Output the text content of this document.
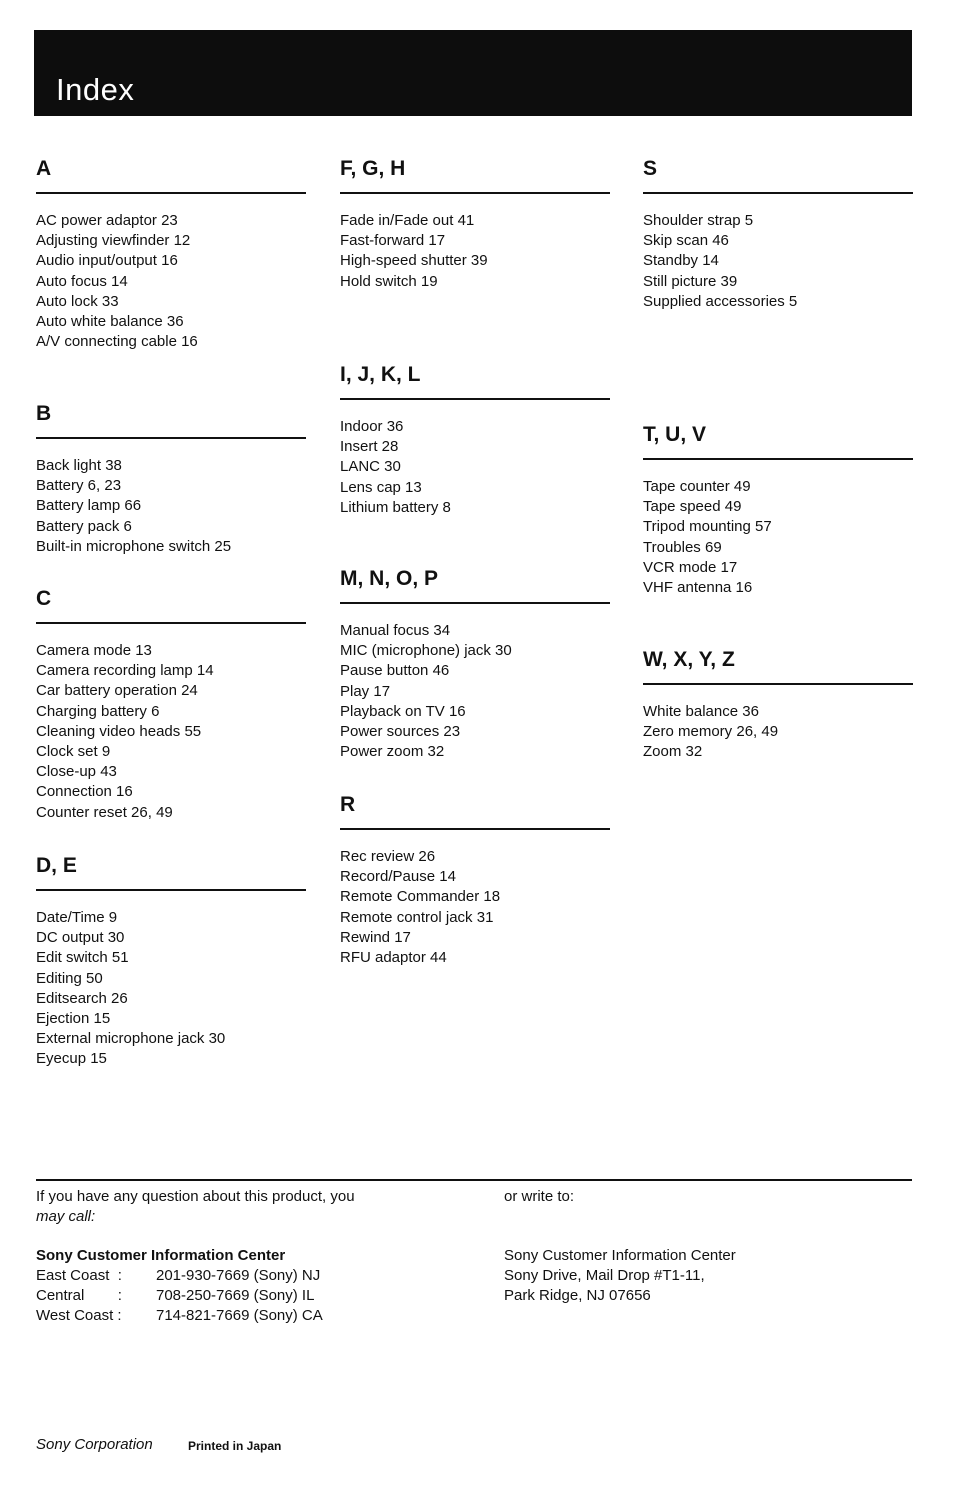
Index
A
AC power adaptor 23
Adjusting viewfinder 12
Audio input/output 16
Auto focus 14
Auto lock 33
Auto white balance 36
A/V connecting cable 16
B
Back light 38
Battery 6, 23
Battery lamp 66
Battery pack 6
Built-in microphone switch 25
C
Camera mode 13
Camera recording lamp 14
Car battery operation 24
Charging battery 6
Cleaning video heads 55
Clock set 9
Close-up 43
Connection 16
Counter reset 26, 49
D, E
Date/Time 9
DC output 30
Edit switch 51
Editing 50
Editsearch 26
Ejection 15
External microphone jack 30
Eyecup 15
F, G, H
Fade in/Fade out 41
Fast-forward 17
High-speed shutter 39
Hold switch 19
I, J, K, L
Indoor 36
Insert 28
LANC 30
Lens cap 13
Lithium battery 8
M, N, O, P
Manual focus 34
MIC (microphone) jack 30
Pause button 46
Play 17
Playback on TV 16
Power sources 23
Power zoom 32
R
Rec review 26
Record/Pause 14
Remote Commander 18
Remote control jack 31
Rewind 17
RFU adaptor 44
S
Shoulder strap 5
Skip scan 46
Standby 14
Still picture 39
Supplied accessories 5
T, U, V
Tape counter 49
Tape speed 49
Tripod mounting 57
Troubles 69
VCR mode 17
VHF antenna 16
W, X, Y, Z
White balance 36
Zero memory 26, 49
Zoom 32
If you have any question about this product, you
may call:
Sony Customer Information Center
East Coast  :	201-930-7669 (Sony) NJ
Central        :	708-250-7669 (Sony) IL
West Coast :	714-821-7669 (Sony) CA
or write to:
Sony Customer Information Center
Sony Drive, Mail Drop #T1-11,
Park Ridge, NJ 07656
Sony Corporation	Printed in Japan
